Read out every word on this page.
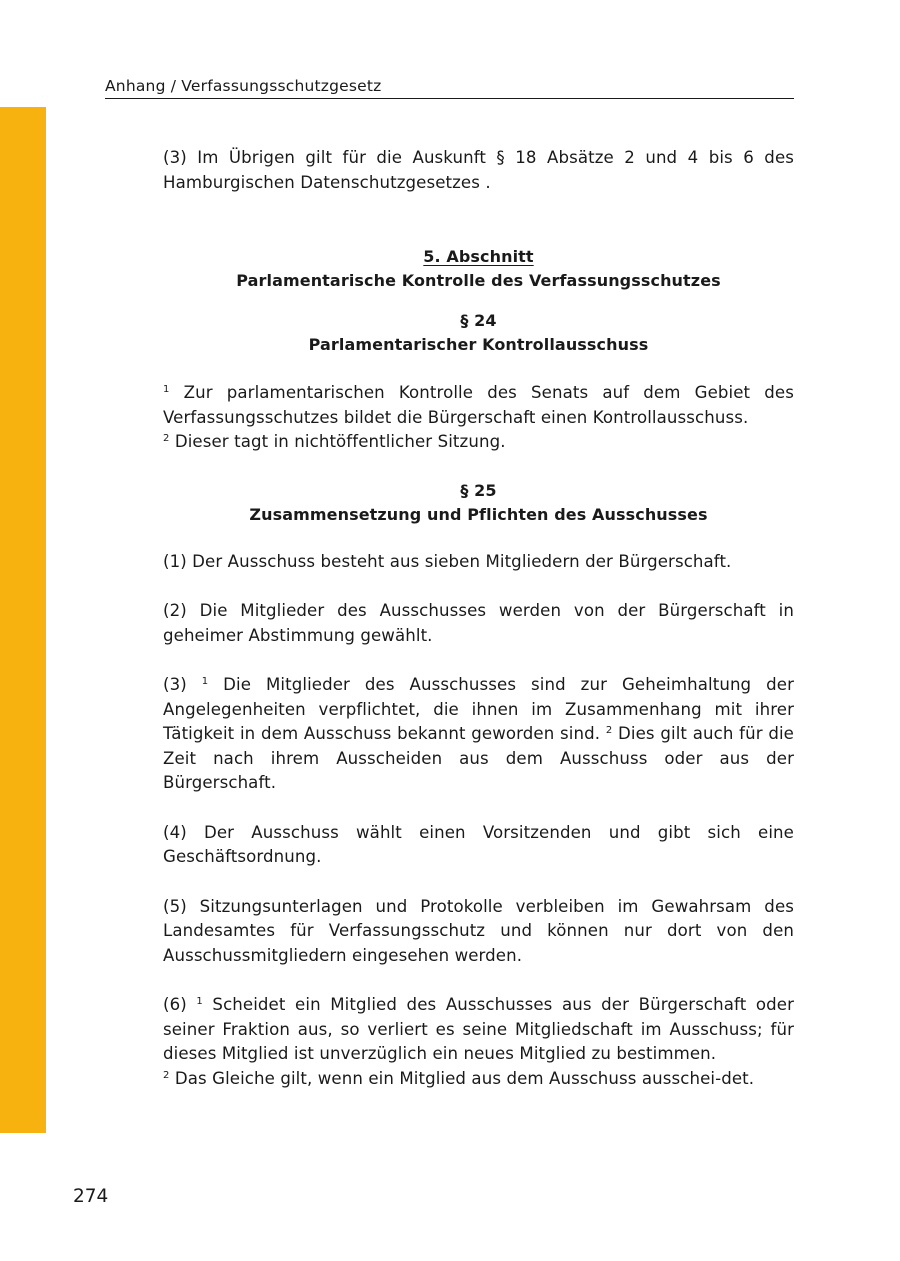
Anhang / Verfassungsschutzgesetz

(3) Im Übrigen gilt für die Auskunft § 18 Absätze 2 und 4 bis 6 des Hamburgischen Datenschutzgesetzes .

5. Abschnitt
Parlamentarische Kontrolle des Verfassungsschutzes
§ 24
Parlamentarischer Kontrollausschuss

$^1$ Zur parlamentarischen Kontrolle des Senats auf dem Gebiet des Verfassungsschutzes bildet die Bürgerschaft einen Kontrollausschuss.
$^2$ Dieser tagt in nichtöffentlicher Sitzung.

§ 25
Zusammensetzung und Pflichten des Ausschusses

(1) Der Ausschuss besteht aus sieben Mitgliedern der Bürgerschaft.

(2) Die Mitglieder des Ausschusses werden von der Bürgerschaft in geheimer Abstimmung gewählt.

(3) $^1$ Die Mitglieder des Ausschusses sind zur Geheimhaltung der Angelegenheiten verpflichtet, die ihnen im Zusammenhang mit ihrer Tätigkeit in dem Ausschuss bekannt geworden sind. $^2$ Dies gilt auch für die Zeit nach ihrem Ausscheiden aus dem Ausschuss oder aus der Bürgerschaft.

(4) Der Ausschuss wählt einen Vorsitzenden und gibt sich eine Geschäftsordnung.

(5) Sitzungsunterlagen und Protokolle verbleiben im Gewahrsam des Landesamtes für Verfassungsschutz und können nur dort von den Ausschussmitgliedern eingesehen werden.

(6) $^1$ Scheidet ein Mitglied des Ausschusses aus der Bürgerschaft oder seiner Fraktion aus, so verliert es seine Mitgliedschaft im Ausschuss; für dieses Mitglied ist unverzüglich ein neues Mitglied zu bestimmen.
$^2$ Das Gleiche gilt, wenn ein Mitglied aus dem Ausschuss ausschei-det.

274
